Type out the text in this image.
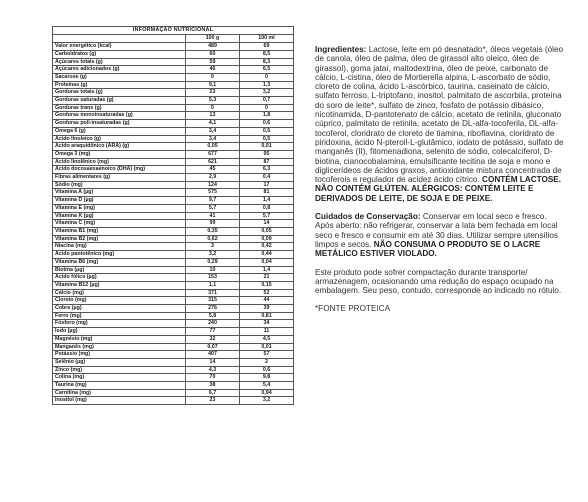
INFORMAÇÃO NUTRICIONAL		
	100 g	100 ml
Valor energético (kcal)	489	69
Carboidratos (g)	60	8,5
Açúcares totais (g)	59	8,3
Açúcares adicionados (g)	46	6,5
Sacarose (g)	0	0
Proteínas (g)	9,1	1,3
Gorduras totais (g)	23	3,2
Gorduras saturadas (g)	5,3	0,7
Gorduras trans (g)	0	0
Gorduras monoinsaturadas (g)	13	1,8
Gorduras poli-insaturadas (g)	4,1	0,6
Ômega 6 (g)	3,4	0,5
Ácido linoleico (g)	3,4	0,5
Ácido araquidônico (ARA) (g)	0,05	0,01
Ômega 3 (mg)	677	95
Ácido linolênico (mg)	621	87
Ácido docosaexaenoico (DHA) (mg)	45	6,3
Fibras alimentares (g)	2,9	0,4
Sódio (mg)	124	17
Vitamina A (µg)	575	81
Vitamina D (µg)	9,7	1,4
Vitamina E (mg)	5,7	0,8
Vitamina K (µg)	41	5,7
Vitamina C (mg)	99	14
Vitamina B1 (mg)	0,35	0,05
Vitamina B2 (mg)	0,62	0,09
Niacina (mg)	3	0,42
Ácido pantotênico (mg)	3,2	0,44
Vitamina B6 (mg)	0,29	0,04
Biotina (µg)	10	1,4
Ácido fólico (µg)	153	21
Vitamina B12 (µg)	1,1	0,15
Cálcio (mg)	371	52
Cloreto (mg)	315	44
Cobre (µg)	276	39
Ferro (mg)	5,8	0,81
Fósforo (mg)	240	34
Iodo (µg)	77	11
Magnésio (mg)	32	4,5
Manganês (mg)	0,07	0,01
Potássio (mg)	407	57
Selênio (µg)	14	2
Zinco (mg)	4,3	0,6
Colina (mg)	70	9,8
Taurina (mg)	38	5,4
Carnitina (mg)	6,7	0,94
Inositol (mg)	23	3,2

Ingredientes: Lactose, leite em pó desnatado*, óleos vegetais (óleo de canola, óleo de palma, óleo de girassol alto oleico, óleo de girassol), goma jataí, maltodextrina, óleo de peixe, carbonato de cálcio, L-cistina, óleo de Mortierella alpina, L-ascorbato de sódio, cloreto de colina, ácido L-ascórbico, taurina, caseinato de cálcio, sulfato ferroso, L-triptofano, inositol, palmitato de ascorbila, proteína do soro de leite*, sulfato de zinco, fosfato de potássio dibásico, nicotinamida, D-pantotenato de cálcio, acetato de retinila, gluconato cúprico, palmitato de retinila, acetato de DL-alfa-tocoferila, DL-alfa-tocoferol, cloridrato de cloreto de tiamina, riboflavina, cloridrato de piridoxina, ácido N-pteroil-L-glutâmico, iodato de potássio, sulfato de manganês (II), fitomenadiona, selenito de sódio, colecalciferol, D-biotina, cianocobalamina, emulsificante lecitina de soja e mono e diglicerídeos de ácidos graxos, antioxidante mistura concentrada de tocoferois e regulador de acidez ácido cítrico. CONTÉM LACTOSE. NÃO CONTÉM GLÚTEN. ALÉRGICOS: CONTÉM LEITE E DERIVADOS DE LEITE, DE SOJA E DE PEIXE.

Cuidados de Conservação: Conservar em local seco e fresco. Após aberto: não refrigerar, conservar a lata bem fechada em local seco e fresco e consumir em até 30 dias. Utilizar sempre utensílios limpos e secos. NÃO CONSUMA O PRODUTO SE O LACRE METÁLICO ESTIVER VIOLADO.

Este produto pode sofrer compactação durante transporte/ armazenagem, ocasionando uma redução do espaço ocupado na embalagem. Seu peso, contudo, corresponde ao indicado no rótulo.

*FONTE PROTEICA
